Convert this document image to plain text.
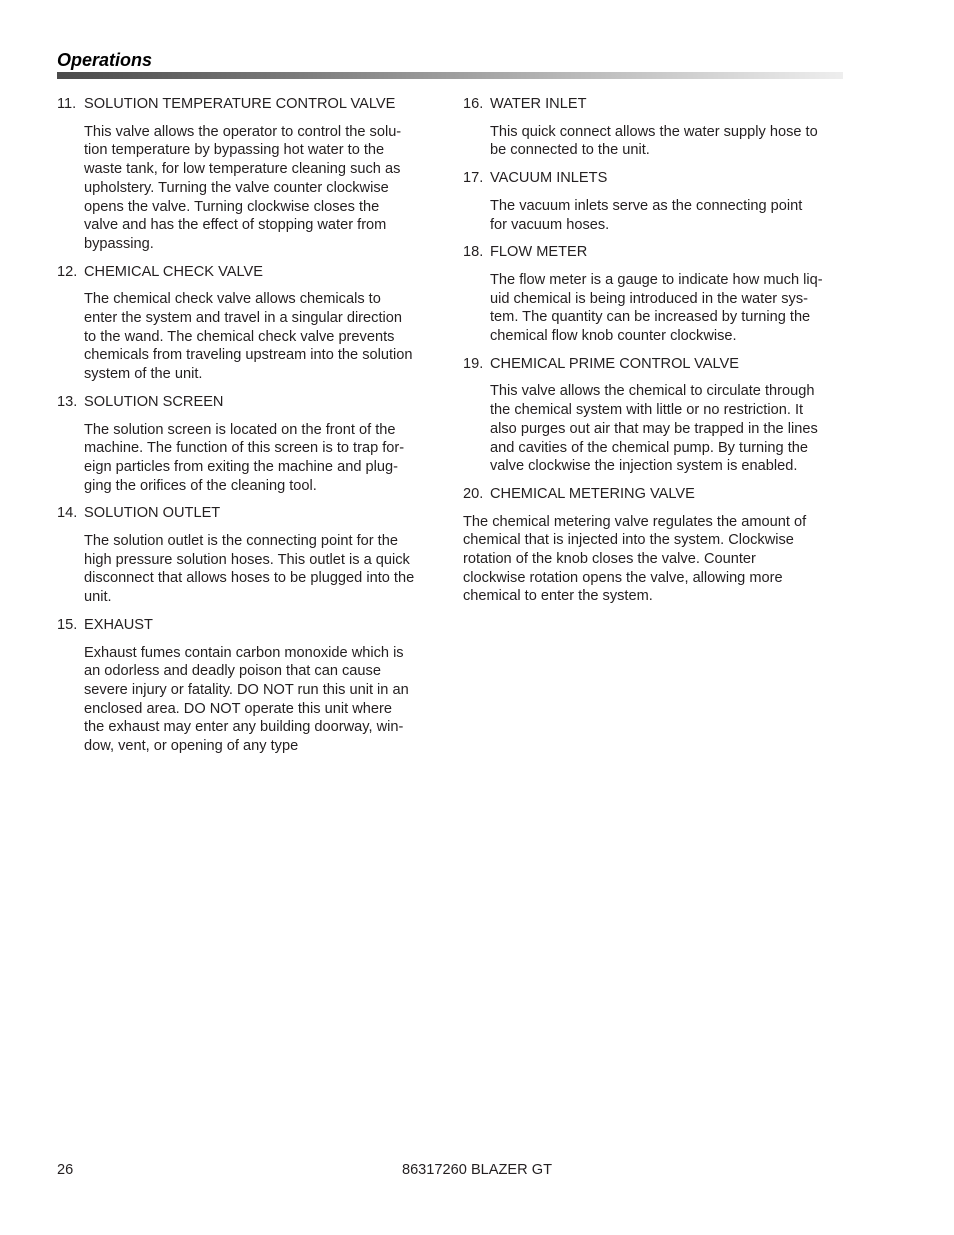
Operations
11. SOLUTION TEMPERATURE CONTROL VALVE
This valve allows the operator to control the solu-
tion temperature by bypassing hot water to the
waste tank, for low temperature cleaning such as
upholstery. Turning the valve counter clockwise
opens the valve. Turning clockwise closes the
valve and has the effect of stopping water from
bypassing.
12. CHEMICAL CHECK VALVE
The chemical check valve allows chemicals to
enter the system and travel in a singular direction
to the wand. The chemical check valve prevents
chemicals from traveling upstream into the solution
system of the unit.
13. SOLUTION SCREEN
The solution screen is located on the front of the
machine. The function of this screen is to trap for-
eign particles from exiting the machine and plug-
ging the orifices of the cleaning tool.
14. SOLUTION OUTLET
The solution outlet is the connecting point for the
high pressure solution hoses. This outlet is a quick
disconnect that allows hoses to be plugged into the
unit.
15. EXHAUST
Exhaust fumes contain carbon monoxide which is
an odorless and deadly poison that can cause
severe injury or fatality. DO NOT run this unit in an
enclosed area. DO NOT operate this unit where
the exhaust may enter any building doorway, win-
dow, vent, or opening of any type
16. WATER INLET
This quick connect allows the water supply hose to
be connected to the unit.
17. VACUUM INLETS
The vacuum inlets serve as the connecting point
for vacuum hoses.
18. FLOW METER
The flow meter is a gauge to indicate how much liq-
uid chemical is being introduced in the water sys-
tem. The quantity can be increased by turning the
chemical flow knob counter clockwise.
19. CHEMICAL PRIME CONTROL VALVE
This valve allows the chemical to circulate through
the chemical system with little or no restriction. It
also purges out air that may be trapped in the lines
and cavities of the chemical pump. By turning the
valve clockwise the injection system is enabled.
20. CHEMICAL METERING VALVE
The chemical metering valve regulates the amount of
chemical that is injected into the system. Clockwise
rotation of the knob closes the valve. Counter
clockwise rotation opens the valve, allowing more
chemical to enter the system.
86317260 BLAZER GT
26
